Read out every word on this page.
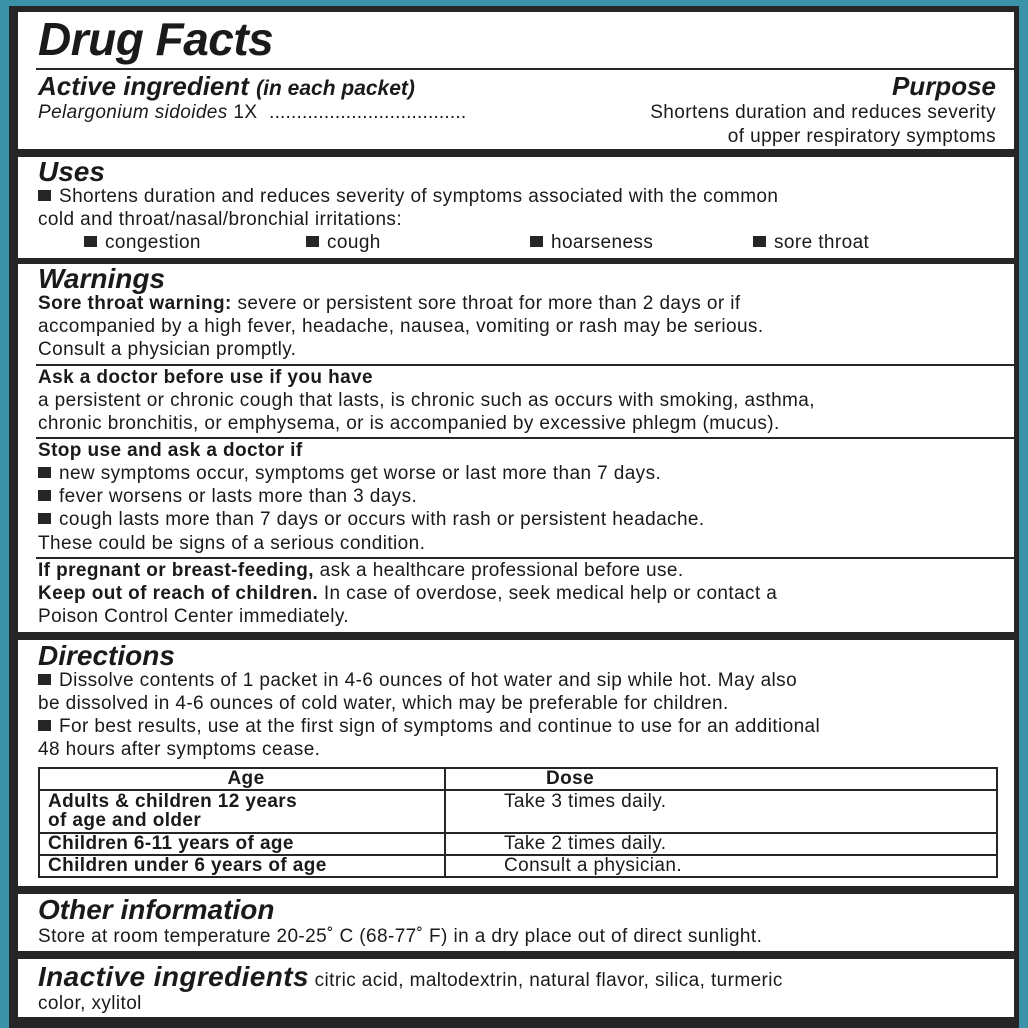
Drug Facts
Active ingredient (in each packet)	Purpose
Pelargonium sidoides 1X ....................................	Shortens duration and reduces severity
of upper respiratory symptoms
Uses
Shortens duration and reduces severity of symptoms associated with the common
cold and throat/nasal/bronchial irritations:
congestion	cough	hoarseness	sore throat
Warnings
Sore throat warning: severe or persistent sore throat for more than 2 days or if
accompanied by a high fever, headache, nausea, vomiting or rash may be serious.
Consult a physician promptly.
Ask a doctor before use if you have
a persistent or chronic cough that lasts, is chronic such as occurs with smoking, asthma,
chronic bronchitis, or emphysema, or is accompanied by excessive phlegm (mucus).
Stop use and ask a doctor if
new symptoms occur, symptoms get worse or last more than 7 days.
fever worsens or lasts more than 3 days.
cough lasts more than 7 days or occurs with rash or persistent headache.
These could be signs of a serious condition.
If pregnant or breast-feeding, ask a healthcare professional before use.
Keep out of reach of children. In case of overdose, seek medical help or contact a
Poison Control Center immediately.
Directions
Dissolve contents of 1 packet in 4-6 ounces of hot water and sip while hot. May also
be dissolved in 4-6 ounces of cold water, which may be preferable for children.
For best results, use at the first sign of symptoms and continue to use for an additional
48 hours after symptoms cease.
Age	Dose
Adults & children 12 years
of age and older	Take 3 times daily.
Children 6-11 years of age	Take 2 times daily.
Children under 6 years of age	Consult a physician.
Other information
Store at room temperature 20-25˚ C (68-77˚ F) in a dry place out of direct sunlight.
Inactive ingredients citric acid, maltodextrin, natural flavor, silica, turmeric
color, xylitol
